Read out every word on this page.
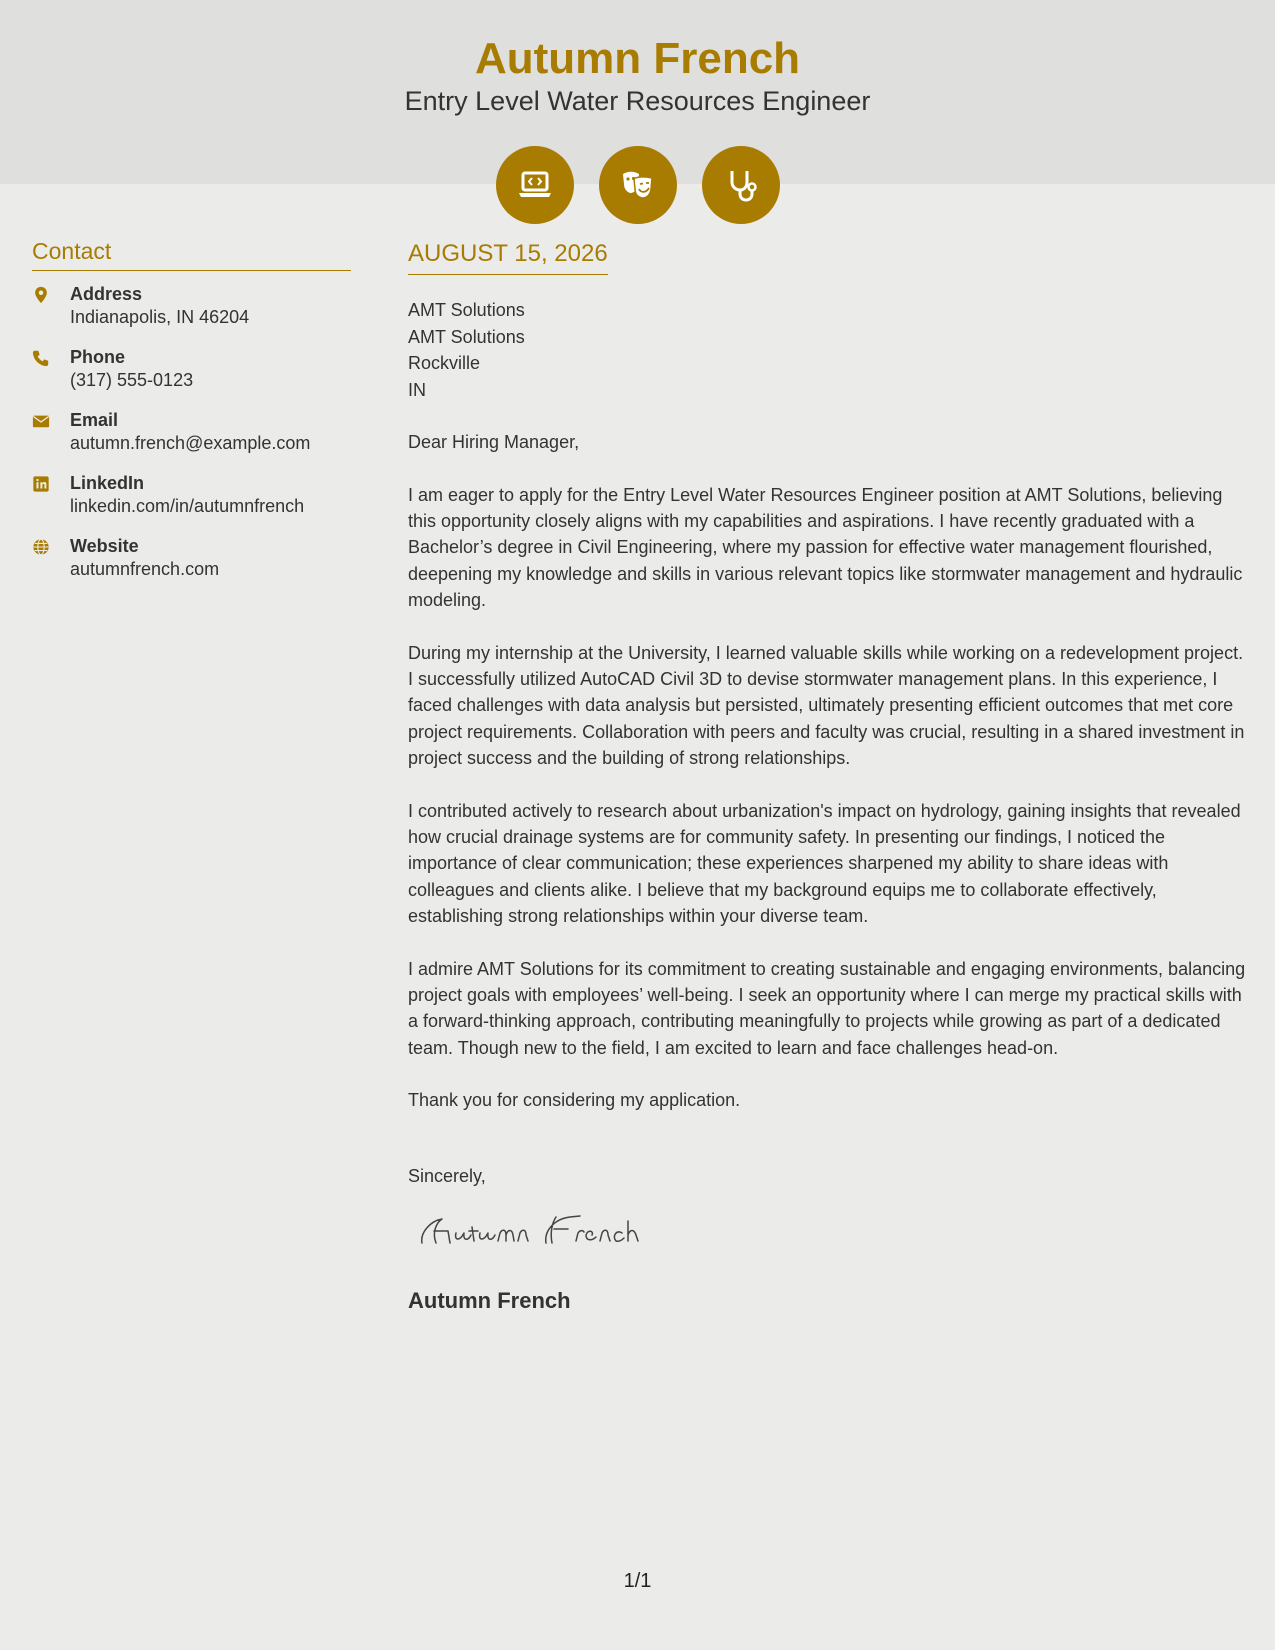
Autumn French
Entry Level Water Resources Engineer
Contact
Address
Indianapolis, IN 46204
Phone
(317) 555-0123
Email
autumn.french@example.com
LinkedIn
linkedin.com/in/autumnfrench
Website
autumnfrench.com
AUGUST 15, 2026
AMT Solutions
AMT Solutions
Rockville
IN

Dear Hiring Manager,

I am eager to apply for the Entry Level Water Resources Engineer position at AMT Solutions, believing this opportunity closely aligns with my capabilities and aspirations. I have recently graduated with a Bachelor’s degree in Civil Engineering, where my passion for effective water management flourished, deepening my knowledge and skills in various relevant topics like stormwater management and hydraulic modeling.

During my internship at the University, I learned valuable skills while working on a redevelopment project. I successfully utilized AutoCAD Civil 3D to devise stormwater management plans. In this experience, I faced challenges with data analysis but persisted, ultimately presenting efficient outcomes that met core project requirements. Collaboration with peers and faculty was crucial, resulting in a shared investment in project success and the building of strong relationships.

I contributed actively to research about urbanization's impact on hydrology, gaining insights that revealed how crucial drainage systems are for community safety. In presenting our findings, I noticed the importance of clear communication; these experiences sharpened my ability to share ideas with colleagues and clients alike. I believe that my background equips me to collaborate effectively, establishing strong relationships within your diverse team.

I admire AMT Solutions for its commitment to creating sustainable and engaging environments, balancing project goals with employees’ well-being. I seek an opportunity where I can merge my practical skills with a forward-thinking approach, contributing meaningfully to projects while growing as part of a dedicated team. Though new to the field, I am excited to learn and face challenges head-on.

Thank you for considering my application.

Sincerely,
Autumn French
1/1
